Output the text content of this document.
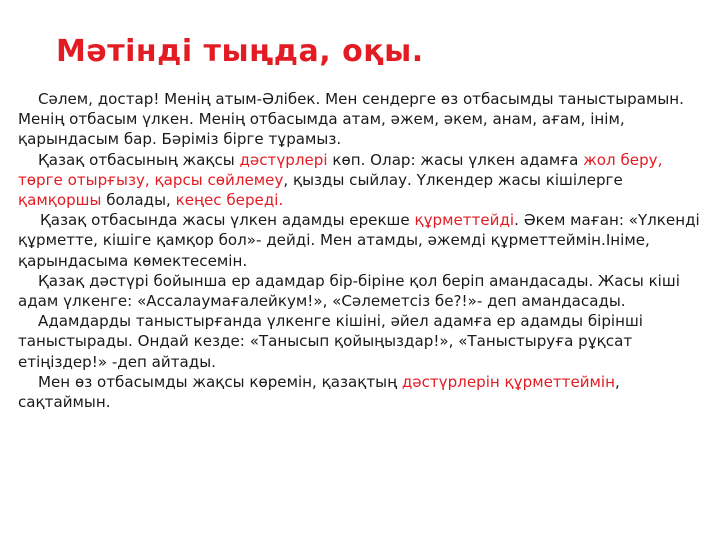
Мәтінді тыңда, оқы.

Сәлем, достар! Менің атым-Әлібек. Мен сендерге өз отбасымды таныстырамын. Менің отбасым үлкен. Менің отбасымда атам, әжем, әкем, анам, ағам, інім, қарындасым бар. Бәріміз бірге тұрамыз.

Қазақ отбасының жақсы дәстүрлері көп. Олар: жасы үлкен адамға жол беру, төрге отырғызу, қарсы сөйлемеу, қызды сыйлау. Үлкендер жасы кішілерге қамқоршы болады, кеңес береді.

Қазақ отбасында жасы үлкен адамды ерекше құрметтейді. Әкем маған: «Үлкенді құрметте, кішіге қамқор бол»- дейді. Мен атамды, әжемді құрметтеймін.Ініме, қарындасыма көмектесемін.

Қазақ дәстүрі бойынша ер адамдар бір-біріне қол беріп амандасады. Жасы кіші адам үлкенге: «Ассалаумағалейкум!», «Сәлеметсіз бе?!»- деп амандасады.

Адамдарды таныстырғанда үлкенге кішіні, әйел адамға ер адамды бірінші таныстырады. Ондай кезде: «Танысып қойыңыздар!», «Таныстыруға рұқсат етіңіздер!» -деп айтады.

Мен өз отбасымды жақсы көремін, қазақтың дәстүрлерін құрметтеймін, сақтаймын.
